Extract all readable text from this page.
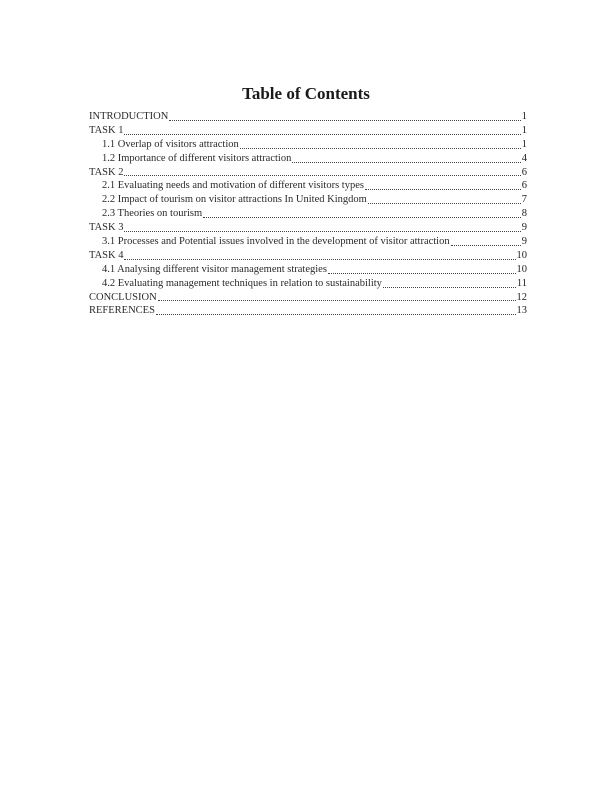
Table of Contents
INTRODUCTION	1
TASK 1	1
1.1 Overlap of visitors attraction	1
1.2 Importance of different visitors attraction	4
TASK 2	6
2.1 Evaluating needs and motivation of different visitors types	6
2.2 Impact of tourism on visitor attractions In United Kingdom	7
2.3 Theories on tourism	8
TASK 3	9
3.1 Processes and Potential issues involved in the development of visitor attraction	9
TASK 4	10
4.1 Analysing different visitor management strategies	10
4.2 Evaluating management techniques in relation to sustainability	11
CONCLUSION	12
REFERENCES	13
